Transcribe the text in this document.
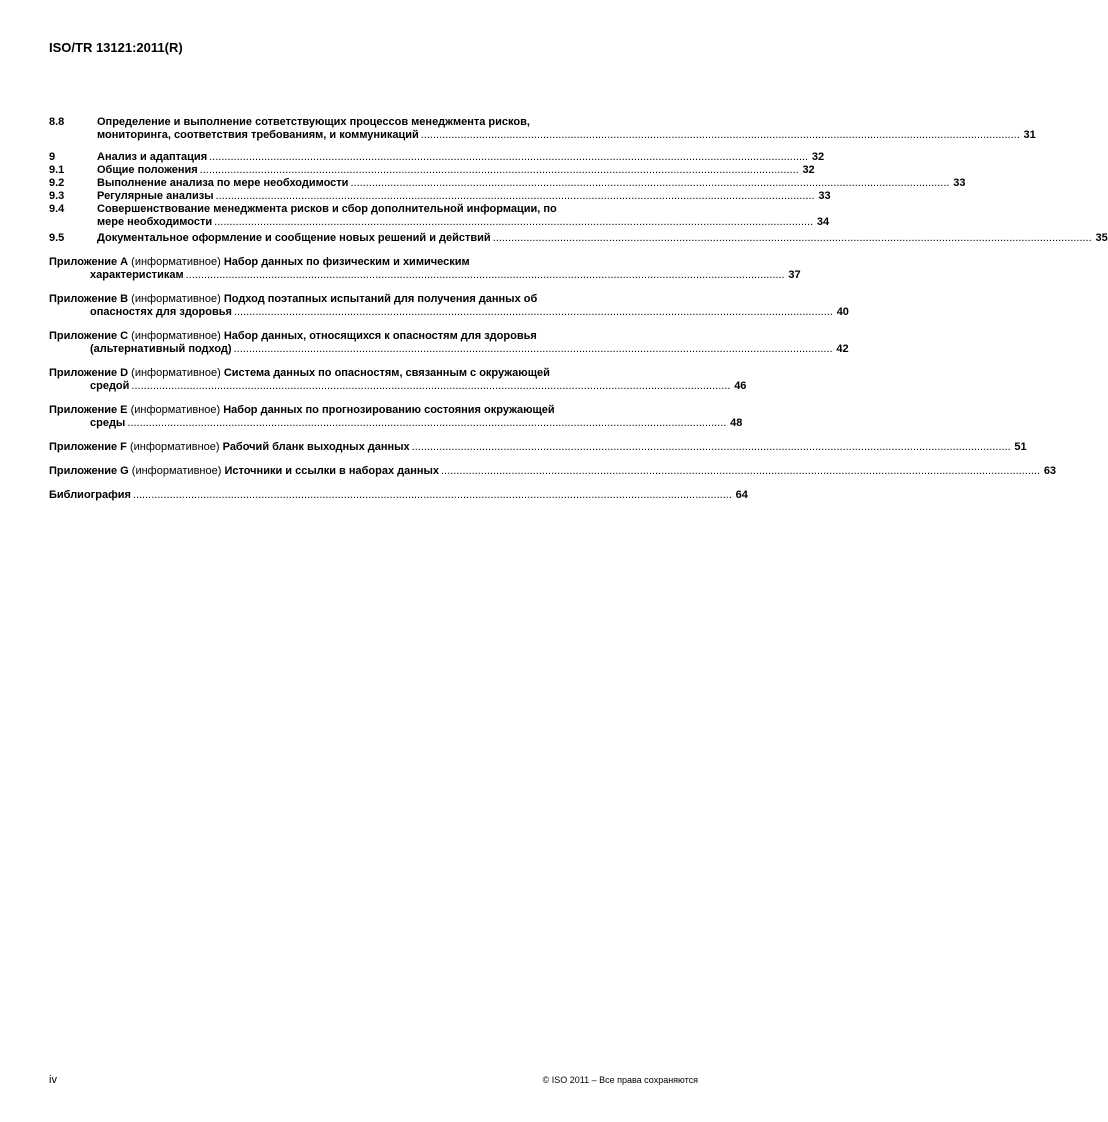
ISO/TR 13121:2011(R)
8.8	Определение и выполнение сответствующих процессов менеджмента рисков,
мониторинга, соответствия требованиям, и коммуникаций .................................................................................................................................................................................................... 31
9	Анализ и адаптация .................................................................................................................................................................................................... 32
9.1	Общие положения .................................................................................................................................................................................................... 32
9.2	Выполнение анализа по мере необходимости .................................................................................................................................................................................................... 33
9.3	Регулярные анализы .................................................................................................................................................................................................... 33
9.4	Совершенствование менеджмента рисков и сбор дополнительной информации, по
мере необходимости .................................................................................................................................................................................................... 34
9.5	Документальное оформление и сообщение новых решений и действий .................................................................................................................................................................................................... 35
Приложение A (информативное) Набор данных по физическим и химическим
характеристикам .................................................................................................................................................................................................... 37
Приложение B (информативное) Подход поэтапных испытаний для получения данных об
опасностях для здоровья .................................................................................................................................................................................................... 40
Приложение C (информативное) Набор данных, относящихся к опасностям для здоровья
(альтернативный подход) .................................................................................................................................................................................................... 42
Приложение D (информативное) Система данных по опасностям, связанным с окружающей
средой .................................................................................................................................................................................................... 46
Приложение E (информативное) Набор данных по прогнозированию состояния окружающей
среды .................................................................................................................................................................................................... 48
Приложение F (информативное) Рабочий бланк выходных данных .................................................................................................................................................................................................... 51
Приложение G (информативное) Источники и ссылки в наборах данных .................................................................................................................................................................................................... 63
Библиография .................................................................................................................................................................................................... 64
iv	© ISO 2011 – Все права сохраняются
